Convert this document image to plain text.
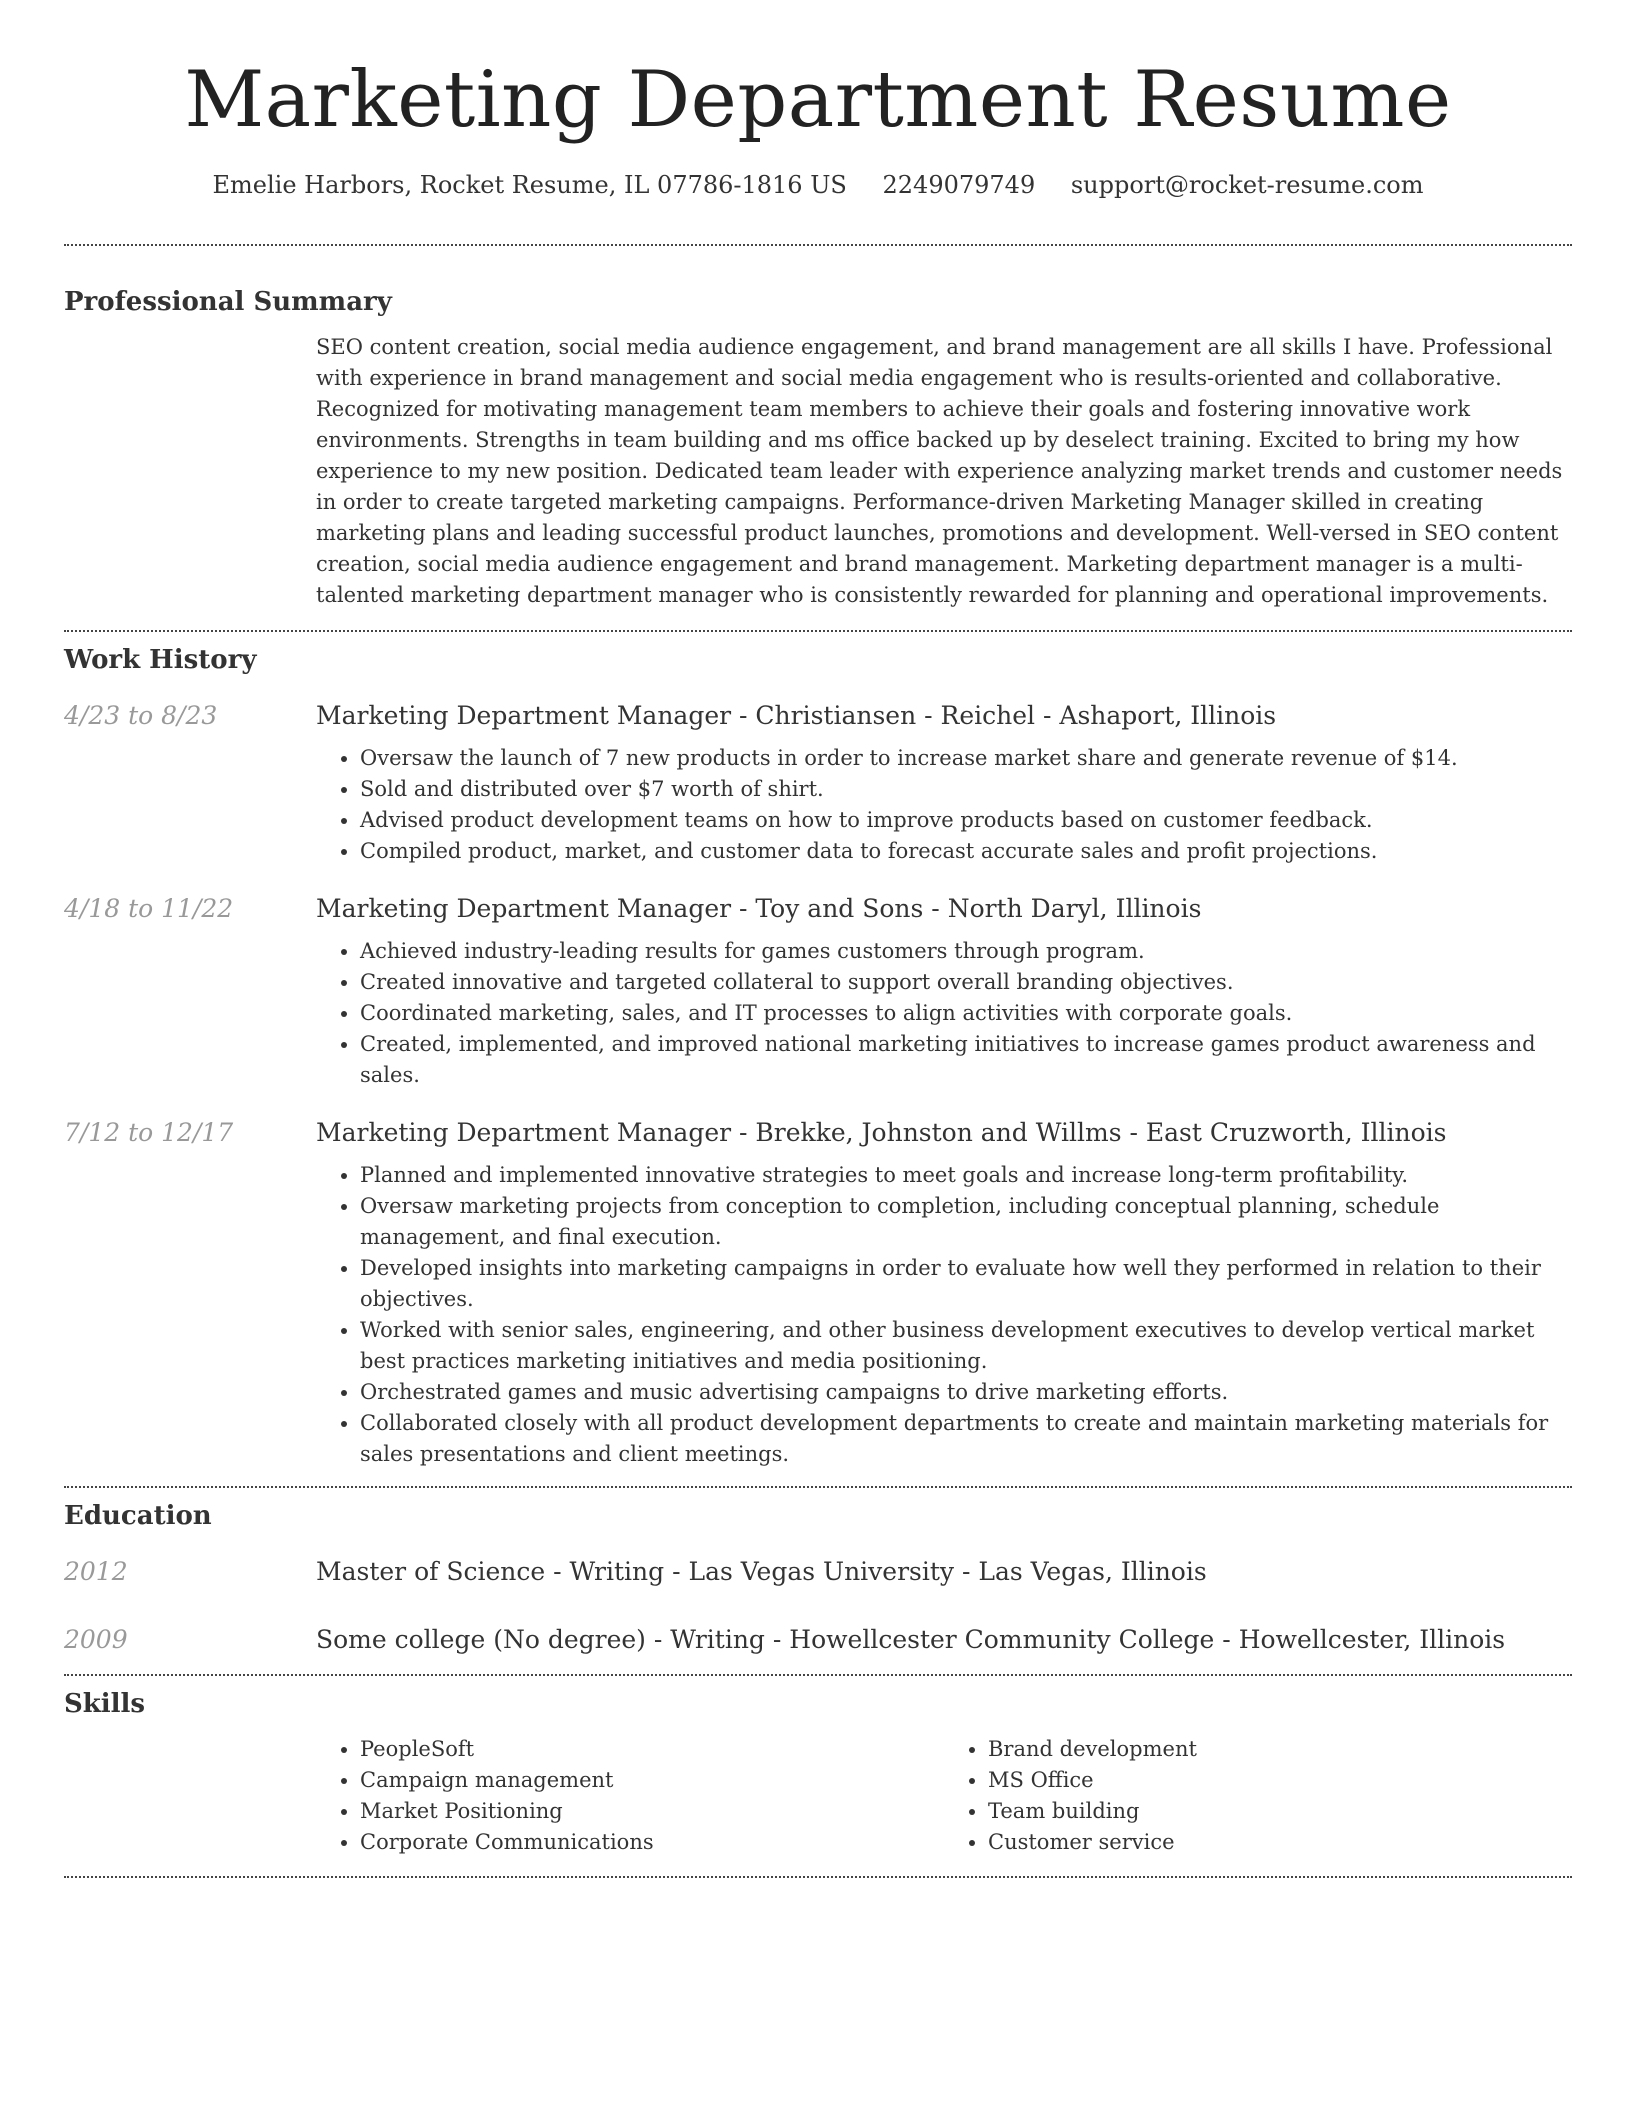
Marketing Department Resume
Emelie Harbors, Rocket Resume, IL 07786-1816 US 2249079749 support@rocket-resume.com
Professional Summary

SEO content creation, social media audience engagement, and brand management are all skills I have. Professional with experience in brand management and social media engagement who is results-oriented and collaborative. Recognized for motivating management team members to achieve their goals and fostering innovative work environments. Strengths in team building and ms office backed up by deselect training. Excited to bring my how experience to my new position. Dedicated team leader with experience analyzing market trends and customer needs in order to create targeted marketing campaigns. Performance-driven Marketing Manager skilled in creating marketing plans and leading successful product launches, promotions and development. Well-versed in SEO content creation, social media audience engagement and brand management. Marketing department manager is a multi-talented marketing department manager who is consistently rewarded for planning and operational improvements.

Work History
4/23 to 8/23	Marketing Department Manager - Christiansen - Reichel - Ashaport, Illinois
• Oversaw the launch of 7 new products in order to increase market share and generate revenue of $14.
• Sold and distributed over $7 worth of shirt.
• Advised product development teams on how to improve products based on customer feedback.
• Compiled product, market, and customer data to forecast accurate sales and profit projections.
4/18 to 11/22	Marketing Department Manager - Toy and Sons - North Daryl, Illinois
• Achieved industry-leading results for games customers through program.
• Created innovative and targeted collateral to support overall branding objectives.
• Coordinated marketing, sales, and IT processes to align activities with corporate goals.
• Created, implemented, and improved national marketing initiatives to increase games product awareness and sales.
7/12 to 12/17	Marketing Department Manager - Brekke, Johnston and Willms - East Cruzworth, Illinois
• Planned and implemented innovative strategies to meet goals and increase long-term profitability.
• Oversaw marketing projects from conception to completion, including conceptual planning, schedule management, and final execution.
• Developed insights into marketing campaigns in order to evaluate how well they performed in relation to their objectives.
• Worked with senior sales, engineering, and other business development executives to develop vertical market best practices marketing initiatives and media positioning.
• Orchestrated games and music advertising campaigns to drive marketing efforts.
• Collaborated closely with all product development departments to create and maintain marketing materials for sales presentations and client meetings.
Education
2012	Master of Science - Writing - Las Vegas University - Las Vegas, Illinois
2009	Some college (No degree) - Writing - Howellcester Community College - Howellcester, Illinois
Skills
• PeopleSoft
• Campaign management
• Market Positioning
• Corporate Communications
• Brand development
• MS Office
• Team building
• Customer service
